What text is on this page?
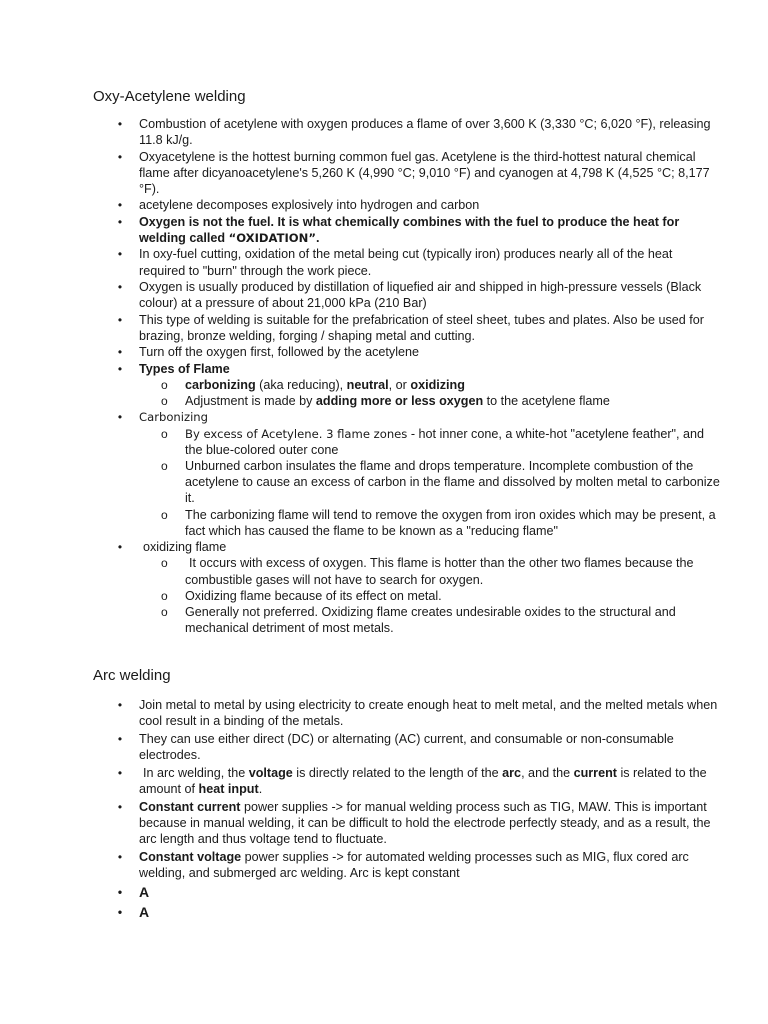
Oxy-Acetylene welding
•	Combustion of acetylene with oxygen produces a flame of over 3,600 K (3,330 °C; 6,020 °F), releasing 11.8 kJ/g.
•	Oxyacetylene is the hottest burning common fuel gas. Acetylene is the third-hottest natural chemical flame after dicyanoacetylene's 5,260 K (4,990 °C; 9,010 °F) and cyanogen at 4,798 K (4,525 °C; 8,177 °F).
•	acetylene decomposes explosively into hydrogen and carbon
•	Oxygen is not the fuel. It is what chemically combines with the fuel to produce the heat for welding called “OXIDATION”.
•	In oxy-fuel cutting, oxidation of the metal being cut (typically iron) produces nearly all of the heat required to "burn" through the work piece.
•	Oxygen is usually produced by distillation of liquefied air and shipped in high-pressure vessels (Black colour) at a pressure of about 21,000 kPa (210 Bar)
•	This type of welding is suitable for the prefabrication of steel sheet, tubes and plates. Also be used for brazing, bronze welding, forging / shaping metal and cutting.
•	Turn off the oxygen first, followed by the acetylene
•	Types of Flame
o carbonizing (aka reducing), neutral, or oxidizing
o Adjustment is made by adding more or less oxygen to the acetylene flame
•	Carbonizing
o By excess of Acetylene. 3 flame zones - hot inner cone, a white-hot "acetylene feather", and the blue-colored outer cone
o Unburned carbon insulates the flame and drops temperature. Incomplete combustion of the acetylene to cause an excess of carbon in the flame and dissolved by molten metal to carbonize it.
o The carbonizing flame will tend to remove the oxygen from iron oxides which may be present, a fact which has caused the flame to be known as a "reducing flame"
•	oxidizing flame
o It occurs with excess of oxygen. This flame is hotter than the other two flames because the combustible gases will not have to search for oxygen.
o Oxidizing flame because of its effect on metal.
o Generally not preferred. Oxidizing flame creates undesirable oxides to the structural and mechanical detriment of most metals.
Arc welding
•	Join metal to metal by using electricity to create enough heat to melt metal, and the melted metals when cool result in a binding of the metals.
•	They can use either direct (DC) or alternating (AC) current, and consumable or non-consumable electrodes.
•	In arc welding, the voltage is directly related to the length of the arc, and the current is related to the amount of heat input.
•	Constant current power supplies -> for manual welding process such as TIG, MAW. This is important because in manual welding, it can be difficult to hold the electrode perfectly steady, and as a result, the arc length and thus voltage tend to fluctuate.
•	Constant voltage power supplies -> for automated welding processes such as MIG, flux cored arc welding, and submerged arc welding. Arc is kept constant
• A
• A
